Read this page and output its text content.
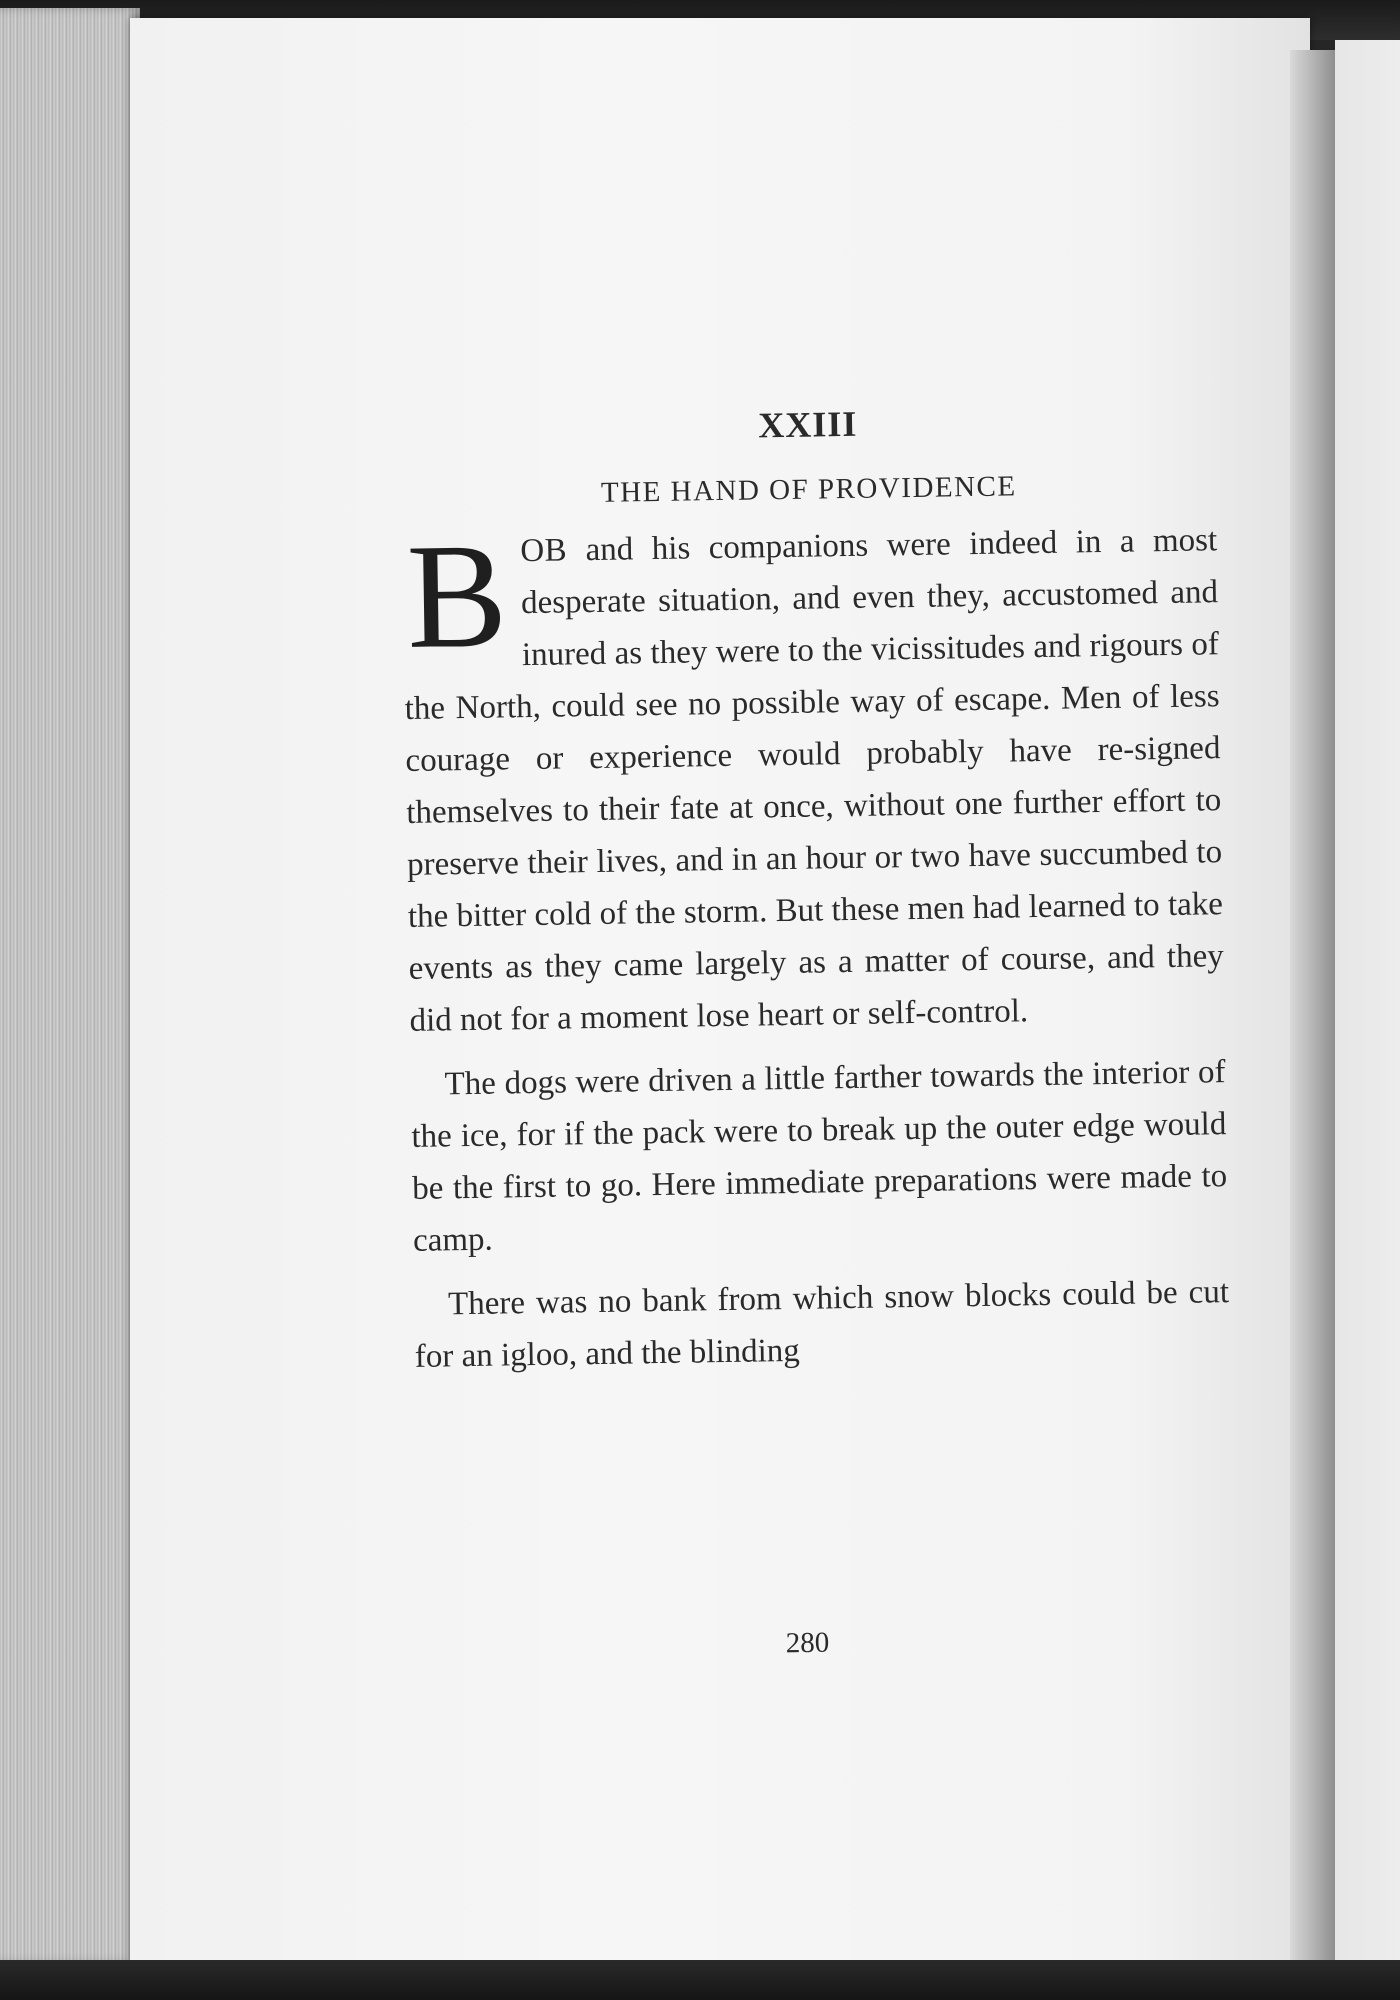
XXIII
THE HAND OF PROVIDENCE

BOB and his companions were indeed in a most desperate situation, and even they, accustomed and inured as they were to the vicissitudes and rigours of the North, could see no possible way of escape. Men of less courage or experience would probably have re-signed themselves to their fate at once, without one further effort to preserve their lives, and in an hour or two have succumbed to the bitter cold of the storm. But these men had learned to take events as they came largely as a matter of course, and they did not for a moment lose heart or self-control.

The dogs were driven a little farther towards the interior of the ice, for if the pack were to break up the outer edge would be the first to go. Here immediate preparations were made to camp.

There was no bank from which snow blocks could be cut for an igloo, and the blinding

280
